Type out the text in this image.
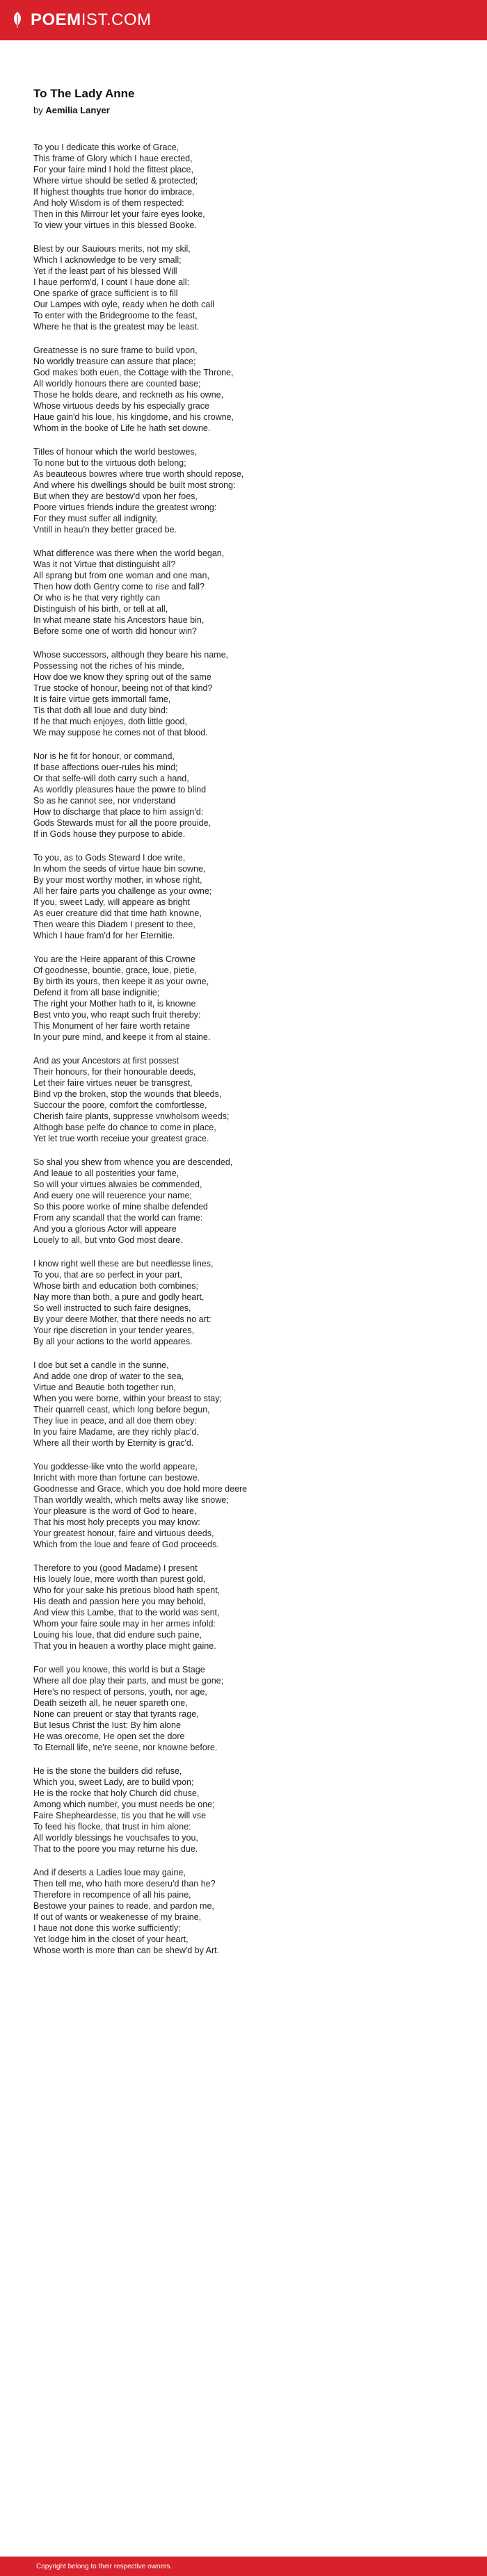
POEMIST.COM
To The Lady Anne
by Aemilia Lanyer
To you I dedicate this worke of Grace,
This frame of Glory which I haue erected,
For your faire mind I hold the fittest place,
Where virtue should be setled & protected;
If highest thoughts true honor do imbrace,
And holy Wisdom is of them respected:
Then in this Mirrour let your faire eyes looke,
To view your virtues in this blessed Booke.
Blest by our Sauiours merits, not my skil,
Which I acknowledge to be very small;
Yet if the least part of his blessed Will
I haue perform'd, I count I haue done all:
One sparke of grace sufficient is to fill
Our Lampes with oyle, ready when he doth call
To enter with the Bridegroome to the feast,
Where he that is the greatest may be least.
Greatnesse is no sure frame to build vpon,
No worldly treasure can assure that place;
God makes both euen, the Cottage with the Throne,
All worldly honours there are counted base;
Those he holds deare, and reckneth as his owne,
Whose virtuous deeds by his especially grace
Haue gain'd his loue, his kingdome, and his crowne,
Whom in the booke of Life he hath set downe.
Titles of honour which the world bestowes,
To none but to the virtuous doth belong;
As beauteous bowres where true worth should repose,
And where his dwellings should be built most strong:
But when they are bestow'd vpon her foes,
Poore virtues friends indure the greatest wrong:
For they must suffer all indignity,
Vntill in heau'n they better graced be.
What difference was there when the world began,
Was it not Virtue that distinguisht all?
All sprang but from one woman and one man,
Then how doth Gentry come to rise and fall?
Or who is he that very rightly can
Distinguish of his birth, or tell at all,
In what meane state his Ancestors haue bin,
Before some one of worth did honour win?
Whose successors, although they beare his name,
Possessing not the riches of his minde,
How doe we know they spring out of the same
True stocke of honour, beeing not of that kind?
It is faire virtue gets immortall fame,
Tis that doth all loue and duty bind:
If he that much enjoyes, doth little good,
We may suppose he comes not of that blood.
Nor is he fit for honour, or command,
If base affections ouer-rules his mind;
Or that selfe-will doth carry such a hand,
As worldly pleasures haue the powre to blind
So as he cannot see, nor vnderstand
How to discharge that place to him assign'd:
Gods Stewards must for all the poore prouide,
If in Gods house they purpose to abide.
To you, as to Gods Steward I doe write,
In whom the seeds of virtue haue bin sowne,
By your most worthy mother, in whose right,
All her faire parts you challenge as your owne;
If you, sweet Lady, will appeare as bright
As euer creature did that time hath knowne,
Then weare this Diadem I present to thee,
Which I haue fram'd for her Eternitie.
You are the Heire apparant of this Crowne
Of goodnesse, bountie, grace, loue, pietie,
By birth its yours, then keepe it as your owne,
Defend it from all base indignitie;
The right your Mother hath to it, is knowne
Best vnto you, who reapt such fruit thereby:
This Monument of her faire worth retaine
In your pure mind, and keepe it from al staine.
And as your Ancestors at first possest
Their honours, for their honourable deeds,
Let their faire virtues neuer be transgrest,
Bind vp the broken, stop the wounds that bleeds,
Succour the poore, comfort the comfortlesse,
Cherish faire plants, suppresse vnwholsom weeds;
Althogh base pelfe do chance to come in place,
Yet let true worth receiue your greatest grace.
So shal you shew from whence you are descended,
And leaue to all posterities your fame,
So will your virtues alwaies be commended,
And euery one will reuerence your name;
So this poore worke of mine shalbe defended
From any scandall that the world can frame:
And you a glorious Actor will appeare
Louely to all, but vnto God most deare.
I know right well these are but needlesse lines,
To you, that are so perfect in your part,
Whose birth and education both combines;
Nay more than both, a pure and godly heart,
So well instructed to such faire designes,
By your deere Mother, that there needs no art:
Your ripe discretion in your tender yeares,
By all your actions to the world appeares.
I doe but set a candle in the sunne,
And adde one drop of water to the sea,
Virtue and Beautie both together run,
When you were borne, within your breast to stay;
Their quarrell ceast, which long before begun,
They liue in peace, and all doe them obey:
In you faire Madame, are they richly plac'd,
Where all their worth by Eternity is grac'd.
You goddesse-like vnto the world appeare,
Inricht with more than fortune can bestowe.
Goodnesse and Grace, which you doe hold more deere
Than worldly wealth, which melts away like snowe;
Your pleasure is the word of God to heare,
That his most holy precepts you may know:
Your greatest honour, faire and virtuous deeds,
Which from the loue and feare of God proceeds.
Therefore to you (good Madame) I present
His louely loue, more worth than purest gold,
Who for your sake his pretious blood hath spent,
His death and passion here you may behold,
And view this Lambe, that to the world was sent,
Whom your faire soule may in her armes infold:
Louing his loue, that did endure such paine,
That you in heauen a worthy place might gaine.
For well you knowe, this world is but a Stage
Where all doe play their parts, and must be gone;
Here's no respect of persons, youth, nor age,
Death seizeth all, he neuer spareth one,
None can preuent or stay that tyrants rage,
But Iesus Christ the Iust: By him alone
He was orecome, He open set the dore
To Eternall life, ne're seene, nor knowne before.
He is the stone the builders did refuse,
Which you, sweet Lady, are to build vpon;
He is the rocke that holy Church did chuse,
Among which number, you must needs be one;
Faire Shepheardesse, tis you that he will vse
To feed his flocke, that trust in him alone:
All worldly blessings he vouchsafes to you,
That to the poore you may returne his due.
And if deserts a Ladies loue may gaine,
Then tell me, who hath more deseru'd than he?
Therefore in recompence of all his paine,
Bestowe your paines to reade, and pardon me,
If out of wants or weakenesse of my braine,
I haue not done this worke sufficiently;
Yet lodge him in the closet of your heart,
Whose worth is more than can be shew'd by Art.
Copyright belong to their respective owners.
